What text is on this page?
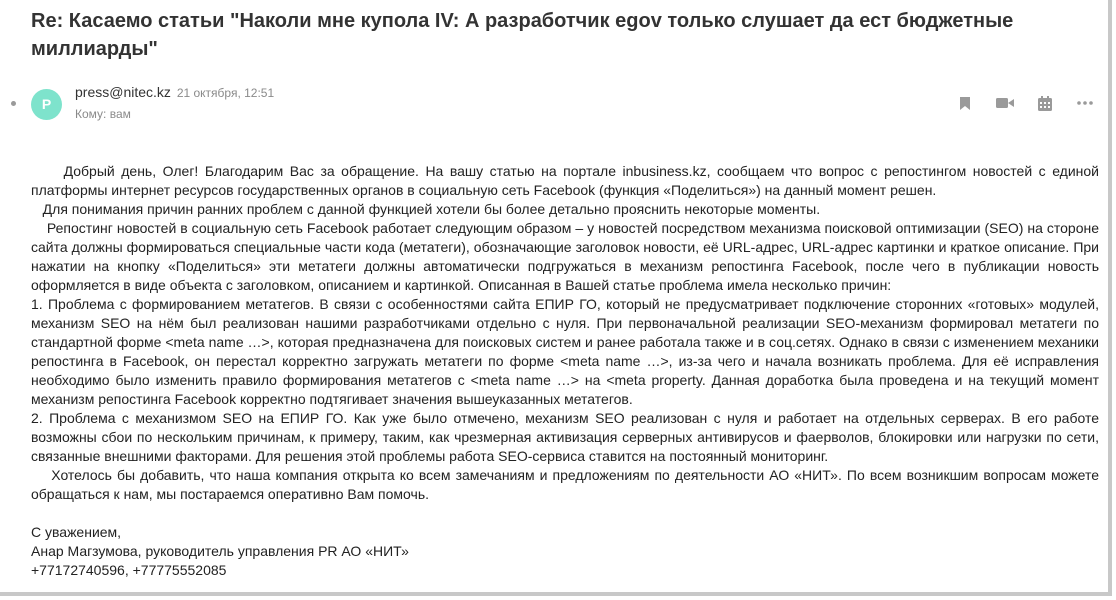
Re: Касаемо статьи "Наколи мне купола IV: А разработчик egov только слушает да ест бюджетные миллиарды"
P
press@nitec.kz 21 октября, 12:51
Кому: вам

Добрый день, Олег! Благодарим Вас за обращение. На вашу статью на портале inbusiness.kz, сообщаем что вопрос с репостингом новостей с единой платформы интернет ресурсов государственных органов в социальную сеть Facebook (функция «Поделиться») на данный момент решен.

Для понимания причин ранних проблем с данной функцией хотели бы более детально прояснить некоторые моменты.

Репостинг новостей в социальную сеть Facebook работает следующим образом – у новостей посредством механизма поисковой оптимизации (SEO) на стороне сайта должны формироваться специальные части кода (метатеги), обозначающие заголовок новости, её URL-адрес, URL-адрес картинки и краткое описание. При нажатии на кнопку «Поделиться» эти метатеги должны автоматически подгружаться в механизм репостинга Facebook, после чего в публикации новость оформляется в виде объекта с заголовком, описанием и картинкой. Описанная в Вашей статье проблема имела несколько причин:

1. Проблема с формированием метатегов. В связи с особенностями сайта ЕПИР ГО, который не предусматривает подключение сторонних «готовых» модулей, механизм SEO на нём был реализован нашими разработчиками отдельно с нуля. При первоначальной реализации SEO-механизм формировал метатеги по стандартной форме <meta name …>, которая предназначена для поисковых систем и ранее работала также и в соц.сетях. Однако в связи с изменением механики репостинга в Facebook, он перестал корректно загружать метатеги по форме <meta name …>, из-за чего и начала возникать проблема. Для её исправления необходимо было изменить правило формирования метатегов с <meta name …> на <meta property. Данная доработка была проведена и на текущий момент механизм репостинга Facebook корректно подтягивает значения вышеуказанных метатегов.

2. Проблема с механизмом SEO на ЕПИР ГО. Как уже было отмечено, механизм SEO реализован с нуля и работает на отдельных серверах. В его работе возможны сбои по нескольким причинам, к примеру, таким, как чрезмерная активизация серверных антивирусов и фаерволов, блокировки или нагрузки по сети, связанные внешними факторами. Для решения этой проблемы работа SEO-сервиса ставится на постоянный мониторинг.

Хотелось бы добавить, что наша компания открыта ко всем замечаниям и предложениям по деятельности АО «НИТ». По всем возникшим вопросам можете обращаться к нам, мы постараемся оперативно Вам помочь.

С уважением,

Анар Магзумова, руководитель управления PR АО «НИТ»

+77172740596, +77775552085
